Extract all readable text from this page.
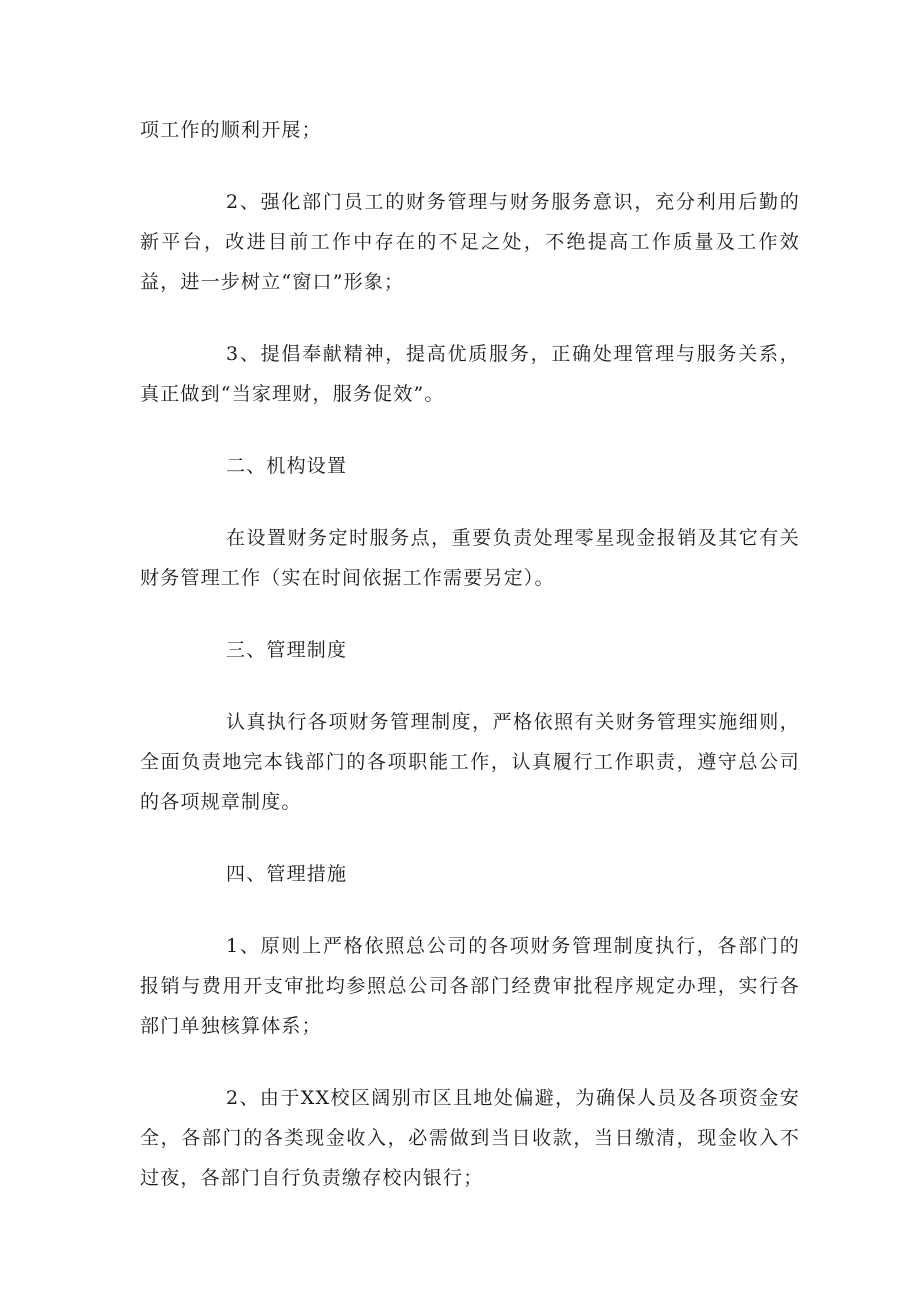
项工作的顺利开展；

2、强化部门员工的财务管理与财务服务意识，充分利用后勤的新平台，改进目前工作中存在的不足之处，不绝提高工作质量及工作效益，进一步树立“窗口”形象；

3、提倡奉献精神，提高优质服务，正确处理管理与服务关系，真正做到“当家理财，服务促效”。

二、机构设置

在设置财务定时服务点，重要负责处理零星现金报销及其它有关财务管理工作（实在时间依据工作需要另定）。

三、管理制度

认真执行各项财务管理制度，严格依照有关财务管理实施细则，全面负责地完本钱部门的各项职能工作，认真履行工作职责，遵守总公司的各项规章制度。

四、管理措施

1、原则上严格依照总公司的各项财务管理制度执行，各部门的报销与费用开支审批均参照总公司各部门经费审批程序规定办理，实行各部门单独核算体系；

2、由于XX校区阔别市区且地处偏避，为确保人员及各项资金安全，各部门的各类现金收入，必需做到当日收款，当日缴清，现金收入不过夜，各部门自行负责缴存校内银行；
